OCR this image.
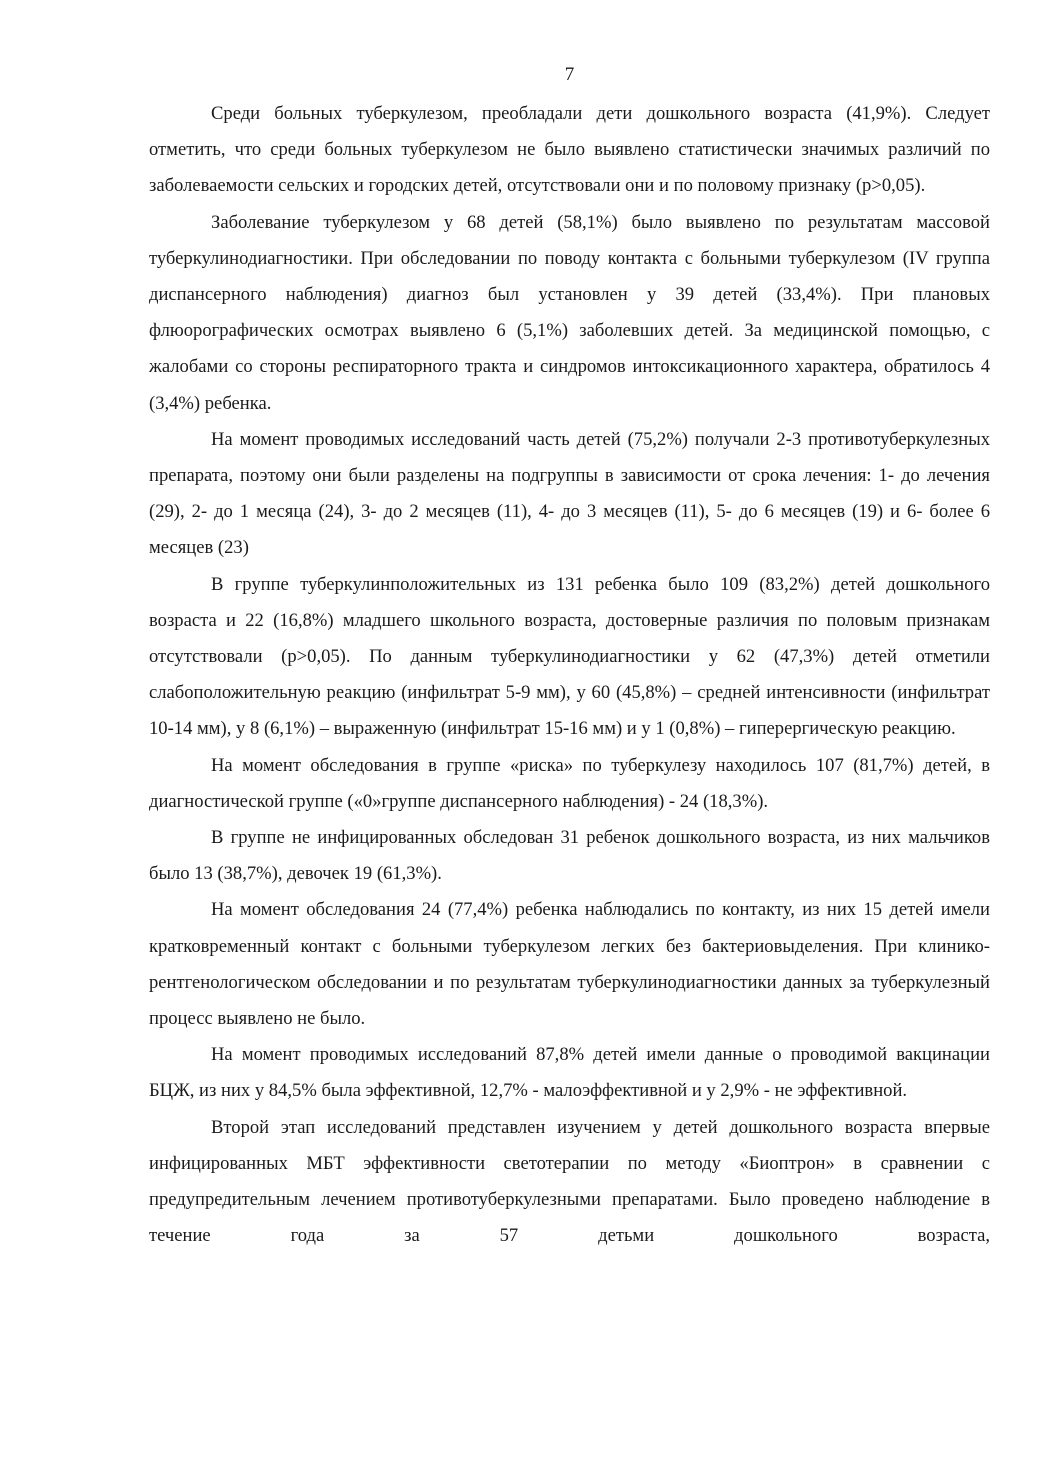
7

Среди больных туберкулезом, преобладали дети дошкольного возраста (41,9%). Следует отметить, что среди больных туберкулезом не было выявлено статистически значимых различий по заболеваемости сельских и городских детей, отсутствовали они и по половому признаку (p>0,05).

Заболевание туберкулезом у 68 детей (58,1%) было выявлено по результатам массовой туберкулинодиагностики. При обследовании по поводу контакта с больными туберкулезом (IV группа диспансерного наблюдения) диагноз был установлен у 39 детей (33,4%). При плановых флюорографических осмотрах выявлено 6 (5,1%) заболевших детей. За медицинской помощью, с жалобами со стороны респираторного тракта и синдромов интоксикационного характера, обратилось 4 (3,4%) ребенка.

На момент проводимых исследований часть детей (75,2%) получали 2-3 противотуберкулезных препарата, поэтому они были разделены на подгруппы в зависимости от срока лечения: 1- до лечения (29), 2- до 1 месяца (24), 3- до 2 месяцев (11), 4- до 3 месяцев (11), 5- до 6 месяцев (19) и 6- более 6 месяцев (23)

В группе туберкулинположительных из 131 ребенка было 109 (83,2%) детей дошкольного возраста и 22 (16,8%) младшего школьного возраста, достоверные различия по половым признакам отсутствовали (p>0,05). По данным туберкулинодиагностики у 62 (47,3%) детей отметили слабоположительную реакцию (инфильтрат 5-9 мм), у 60 (45,8%) – средней интенсивности (инфильтрат 10-14 мм), у 8 (6,1%) – выраженную (инфильтрат 15-16 мм) и у 1 (0,8%) – гиперергическую реакцию.

На момент обследования в группе «риска» по туберкулезу находилось 107 (81,7%) детей, в диагностической группе («0»группе диспансерного наблюдения) - 24 (18,3%).

В группе не инфицированных обследован 31 ребенок дошкольного возраста, из них мальчиков было 13 (38,7%), девочек 19 (61,3%).

На момент обследования 24 (77,4%) ребенка наблюдались по контакту, из них 15 детей имели кратковременный контакт с больными туберкулезом легких без бактериовыделения. При клинико-рентгенологическом обследовании и по результатам туберкулинодиагностики данных за туберкулезный процесс выявлено не было.

На момент проводимых исследований 87,8% детей имели данные о проводимой вакцинации БЦЖ, из них у 84,5% была эффективной, 12,7% - малоэффективной и у 2,9% - не эффективной.

Второй этап исследований представлен изучением у детей дошкольного возраста впервые инфицированных МБТ эффективности светотерапии по методу «Биоптрон» в сравнении с предупредительным лечением противотуберкулезными препаратами. Было проведено наблюдение в течение года за 57 детьми дошкольного возраста,
